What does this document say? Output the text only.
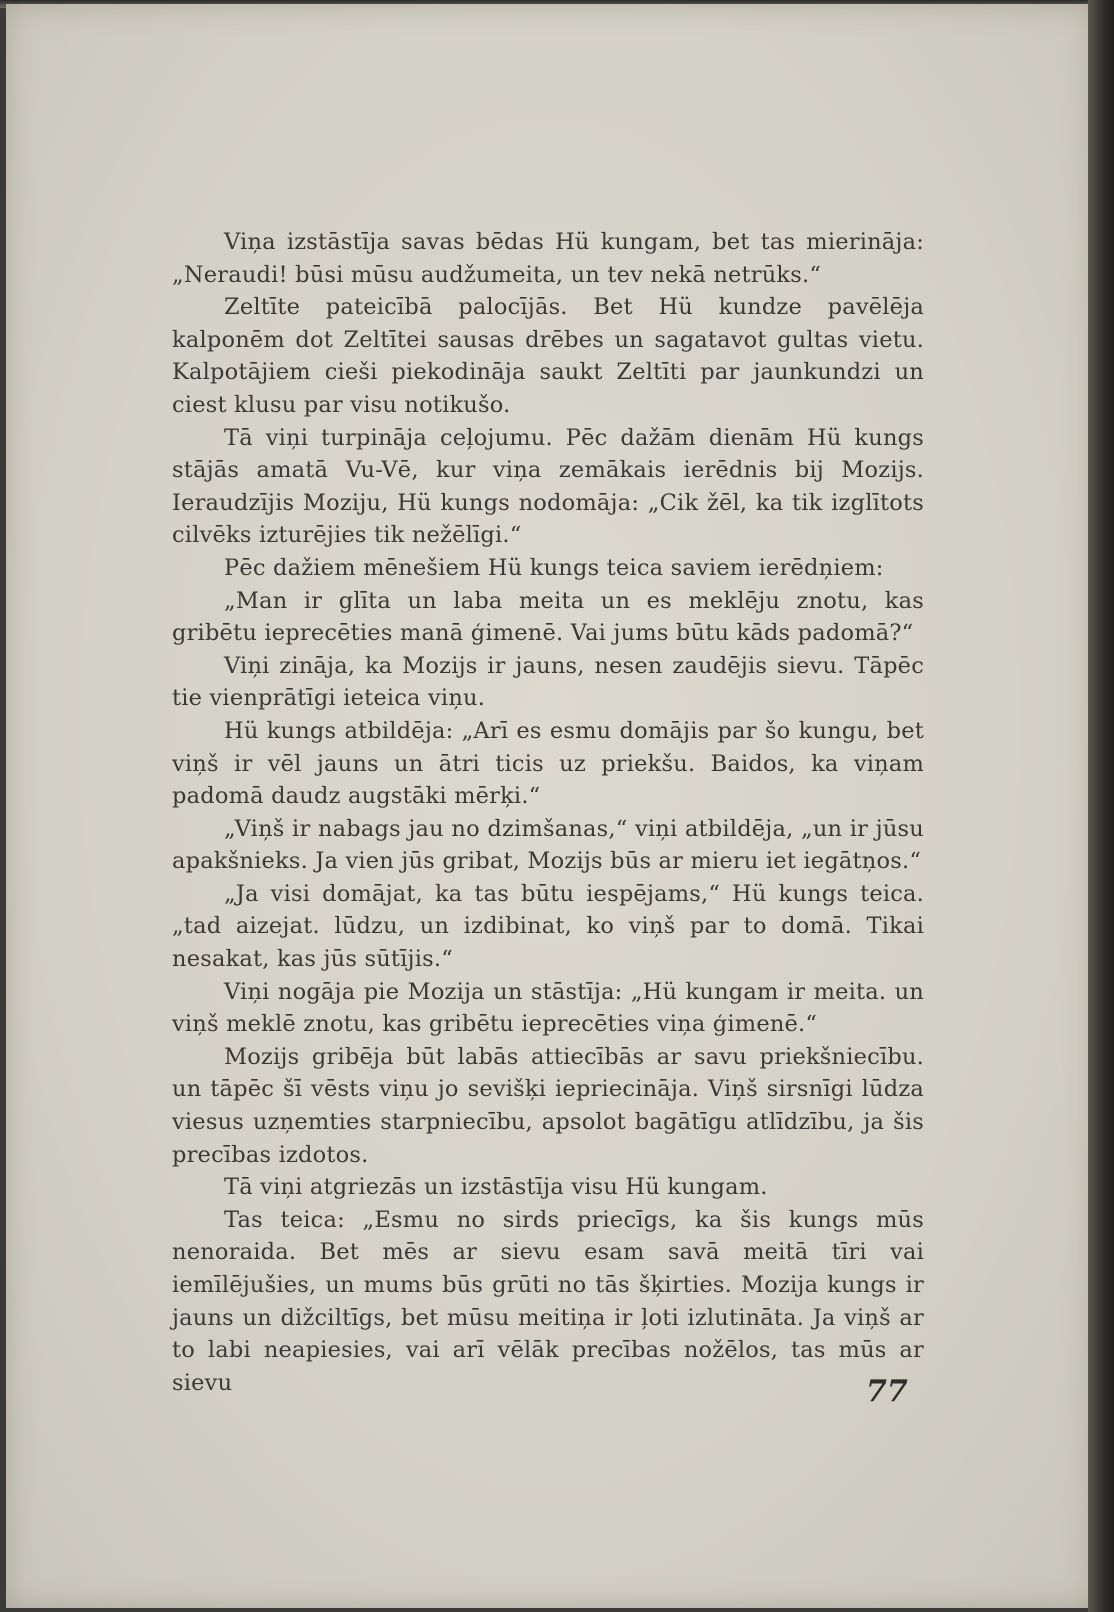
Viņa izstāstīja savas bēdas Hü kungam, bet tas mierināja: „Neraudi! būsi mūsu audžumeita, un tev nekā netrūks.“

Zeltīte pateicībā palocījās. Bet Hü kundze pavēlēja kalponēm dot Zeltītei sausas drēbes un sagatavot gultas vietu. Kalpotājiem cieši piekodināja saukt Zeltīti par jaunkundzi un ciest klusu par visu notikušo.

Tā viņi turpināja ceļojumu. Pēc dažām dienām Hü kungs stājās amatā Vu-Vē, kur viņa zemākais ierēdnis bij Mozijs. Ieraudzījis Moziju, Hü kungs nodomāja: „Cik žēl, ka tik izglītots cilvēks izturējies tik nežēlīgi.“

Pēc dažiem mēnešiem Hü kungs teica saviem ierēdņiem:

„Man ir glīta un laba meita un es meklēju znotu, kas gribētu ieprecēties manā ģimenē. Vai jums būtu kāds padomā?“

Viņi zināja, ka Mozijs ir jauns, nesen zaudējis sievu. Tāpēc tie vienprātīgi ieteica viņu.

Hü kungs atbildēja: „Arī es esmu domājis par šo kungu, bet viņš ir vēl jauns un ātri ticis uz priekšu. Baidos, ka viņam padomā daudz augstāki mērķi.“

„Viņš ir nabags jau no dzimšanas,“ viņi atbildēja, „un ir jūsu apakšnieks. Ja vien jūs gribat, Mozijs būs ar mieru iet iegātņos.“

„Ja visi domājat, ka tas būtu iespējams,“ Hü kungs teica. „tad aizejat. lūdzu, un izdibinat, ko viņš par to domā. Tikai nesakat, kas jūs sūtījis.“

Viņi nogāja pie Mozija un stāstīja: „Hü kungam ir meita. un viņš meklē znotu, kas gribētu ieprecēties viņa ģimenē.“

Mozijs gribēja būt labās attiecībās ar savu priekšniecību. un tāpēc šī vēsts viņu jo sevišķi iepriecināja. Viņš sirsnīgi lūdza viesus uzņemties starpniecību, apsolot bagātīgu atlīdzību, ja šis precības izdotos.

Tā viņi atgriezās un izstāstīja visu Hü kungam.

Tas teica: „Esmu no sirds priecīgs, ka šis kungs mūs nenoraida. Bet mēs ar sievu esam savā meitā tīri vai iemīlējušies, un mums būs grūti no tās šķirties. Mozija kungs ir jauns un dižciltīgs, bet mūsu meitiņa ir ļoti izlutināta. Ja viņš ar to labi neapiesies, vai arī vēlāk precības nožēlos, tas mūs ar sievu	77
